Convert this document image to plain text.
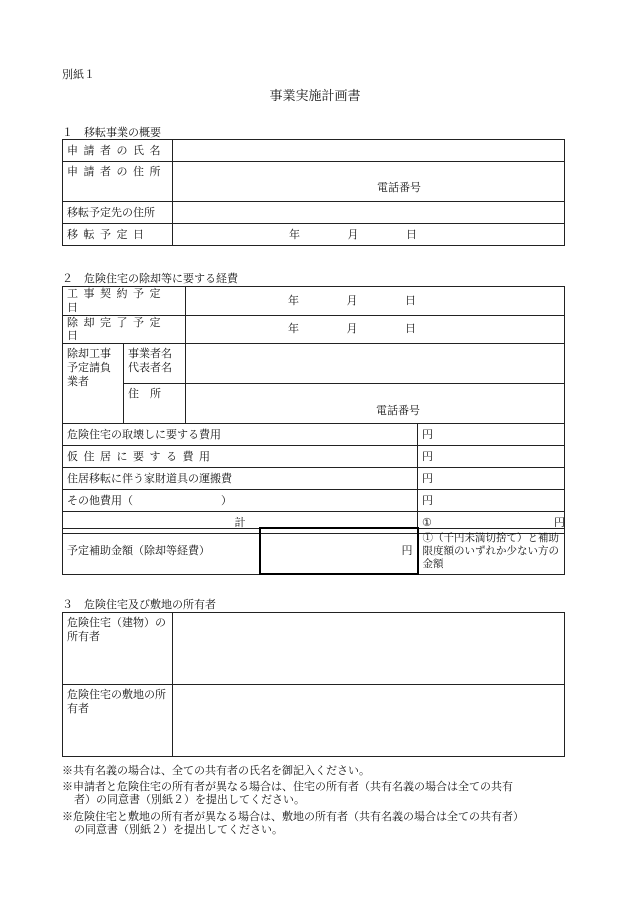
別紙１
事業実施計画書
１　移転事業の概要
申請者の氏名	
申請者の住所	電話番号

移転予定先の住所	
移転予定日	年 月 日
２　危険住宅の除却等に要する経費
工事契約予定日		年 月 日	
除却完了予定日		年 月 日	
除却工事予定請負業者	事業者名
代表者名		

	住　所	電話番号	

危険住宅の取壊しに要する費用			円
仮住居に要する費用			円
住居移転に伴う家財道具の運搬費			円
その他費用（　　　　　　　　）			円
計			① 円
予定補助金額（除却等経費）	円	①（千円未満切捨て）と補助限度額のいずれか少ない方の金額
３　危険住宅及び敷地の所有者
危険住宅（建物）の所有者	
危険住宅の敷地の所有者	
※共有名義の場合は、全ての共有者の氏名を御記入ください。
※申請者と危険住宅の所有者が異なる場合は、住宅の所有者（共有名義の場合は全ての共有
者）の同意書（別紙２）を提出してください。
※危険住宅と敷地の所有者が異なる場合は、敷地の所有者（共有名義の場合は全ての共有者）
の同意書（別紙２）を提出してください。
